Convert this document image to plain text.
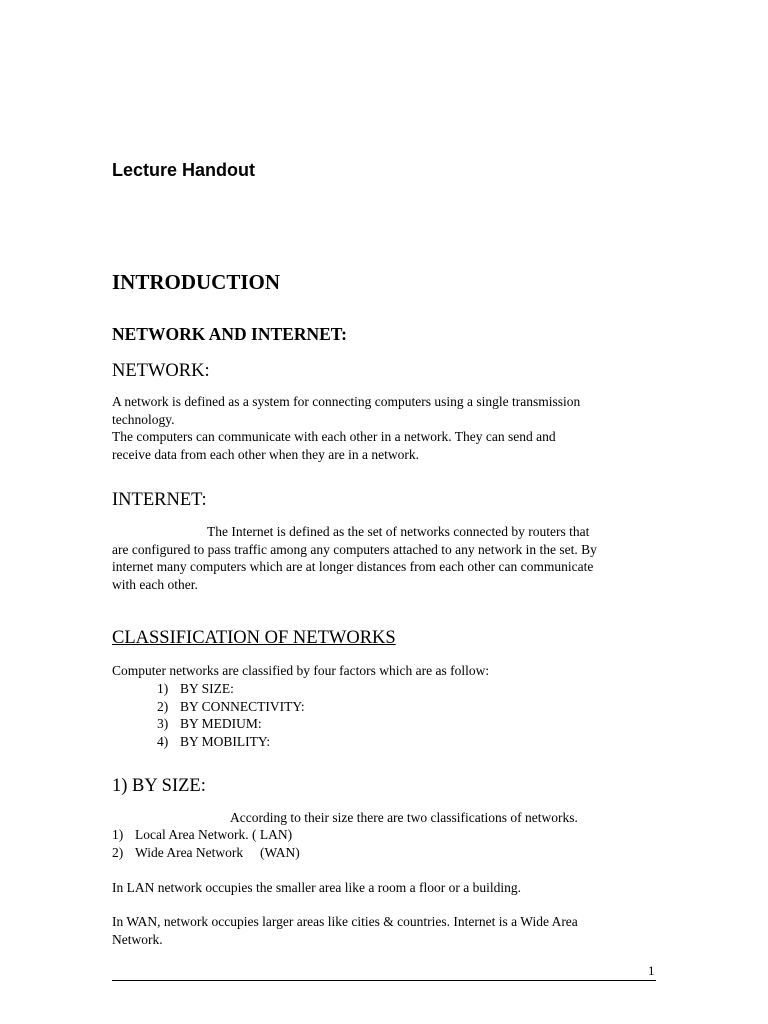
Lecture Handout

INTRODUCTION

NETWORK AND INTERNET:

NETWORK:

A network is defined as a system for connecting computers using a single transmission
technology.
The computers can communicate with each other in a network. They can send and
receive data from each other when they are in a network.

INTERNET:

The Internet is defined as the set of networks connected by routers that
are configured to pass traffic among any computers attached to any network in the set. By
internet many computers which are at longer distances from each other can communicate
with each other.

CLASSIFICATION OF NETWORKS

Computer networks are classified by four factors which are as follow:

1) BY SIZE:
2) BY CONNECTIVITY:
3) BY MEDIUM:
4) BY MOBILITY:

1) BY SIZE:

According to their size there are two classifications of networks.

1) Local Area Network. ( LAN)
2) Wide Area Network     (WAN)

In LAN network occupies the smaller area like a room a floor or a building.

In WAN, network occupies larger areas like cities & countries. Internet is a Wide Area
Network.

1
